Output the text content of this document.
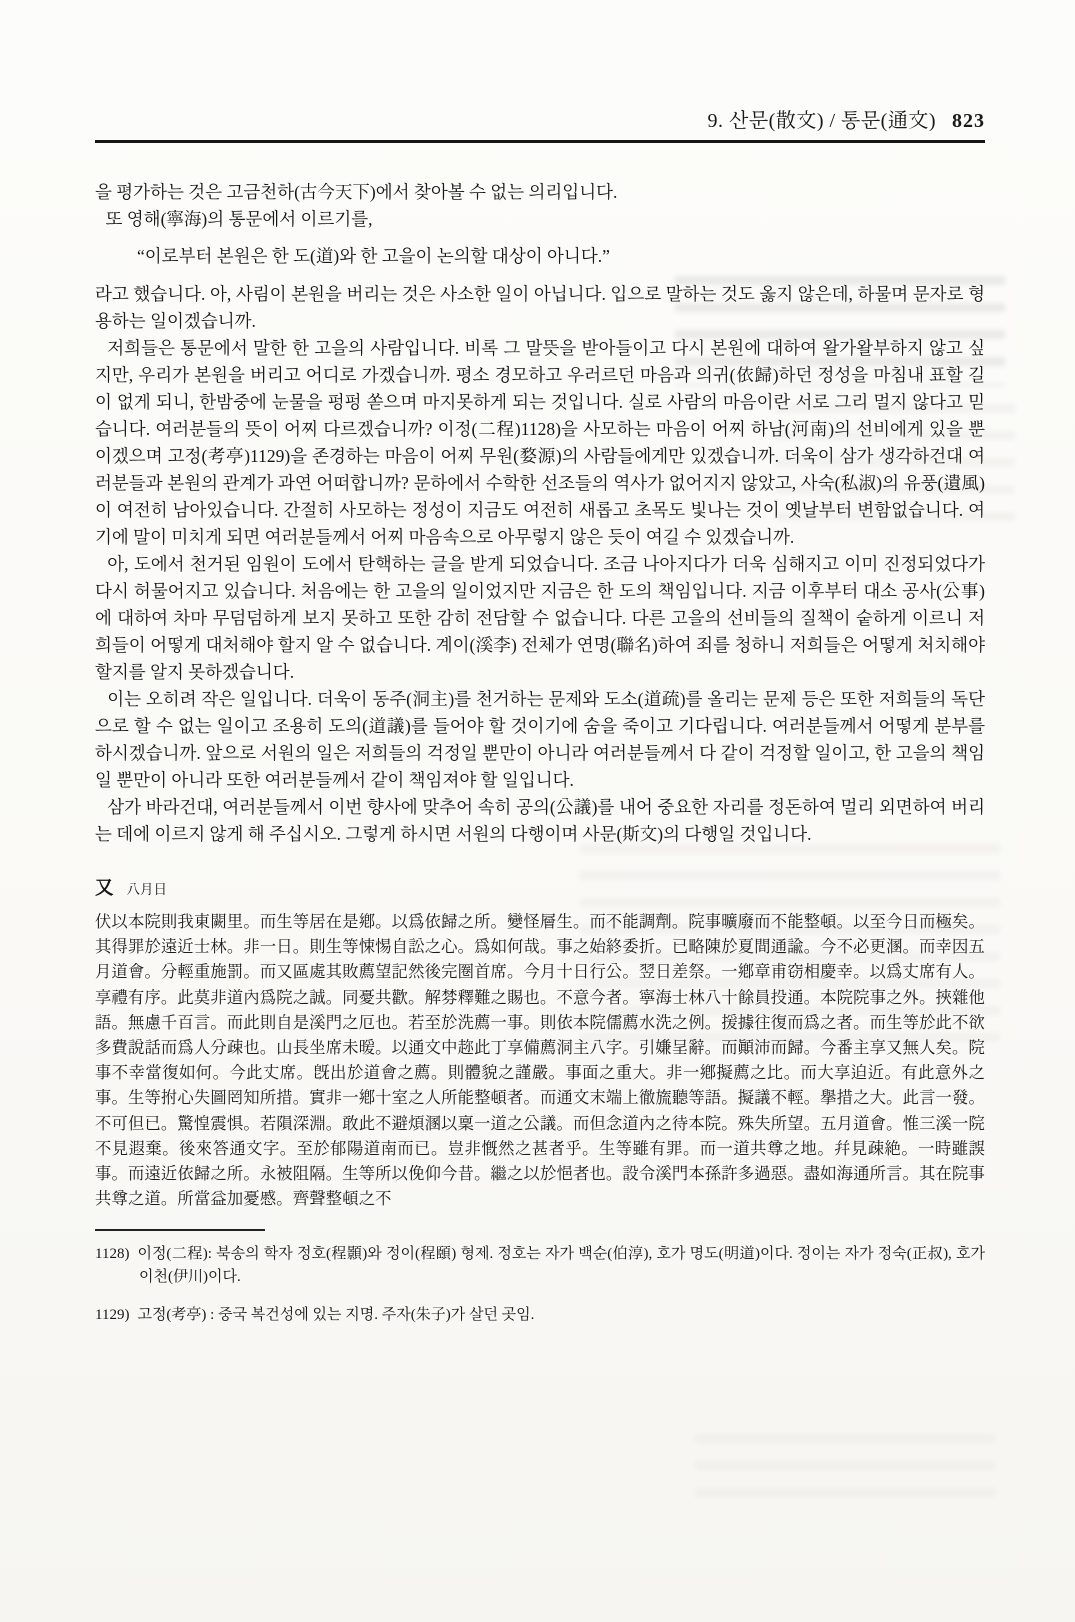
9. 산문(散文) / 통문(通文) 823
을 평가하는 것은 고금천하(古今天下)에서 찾아볼 수 없는 의리입니다.
또 영해(寧海)의 통문에서 이르기를,
“이로부터 본원은 한 도(道)와 한 고을이 논의할 대상이 아니다.”
라고 했습니다. 아, 사림이 본원을 버리는 것은 사소한 일이 아닙니다. 입으로 말하는 것도 옳지 않은데, 하물며 문자로 형용하는 일이겠습니까.
저희들은 통문에서 말한 한 고을의 사람입니다. 비록 그 말뜻을 받아들이고 다시 본원에 대하여 왈가왈부하지 않고 싶지만, 우리가 본원을 버리고 어디로 가겠습니까. 평소 경모하고 우러르던 마음과 의귀(依歸)하던 정성을 마침내 표할 길이 없게 되니, 한밤중에 눈물을 펑펑 쏟으며 마지못하게 되는 것입니다. 실로 사람의 마음이란 서로 그리 멀지 않다고 믿습니다. 여러분들의 뜻이 어찌 다르겠습니까? 이정(二程)1128)을 사모하는 마음이 어찌 하남(河南)의 선비에게 있을 뿐이겠으며 고정(考亭)1129)을 존경하는 마음이 어찌 무원(婺源)의 사람들에게만 있겠습니까. 더욱이 삼가 생각하건대 여러분들과 본원의 관계가 과연 어떠합니까? 문하에서 수학한 선조들의 역사가 없어지지 않았고, 사숙(私淑)의 유풍(遺風)이 여전히 남아있습니다. 간절히 사모하는 정성이 지금도 여전히 새롭고 초목도 빛나는 것이 옛날부터 변함없습니다. 여기에 말이 미치게 되면 여러분들께서 어찌 마음속으로 아무렇지 않은 듯이 여길 수 있겠습니까.
아, 도에서 천거된 임원이 도에서 탄핵하는 글을 받게 되었습니다. 조금 나아지다가 더욱 심해지고 이미 진정되었다가 다시 허물어지고 있습니다. 처음에는 한 고을의 일이었지만 지금은 한 도의 책임입니다. 지금 이후부터 대소 공사(公事)에 대하여 차마 무덤덤하게 보지 못하고 또한 감히 전담할 수 없습니다. 다른 고을의 선비들의 질책이 숱하게 이르니 저희들이 어떻게 대처해야 할지 알 수 없습니다. 계이(溪李) 전체가 연명(聯名)하여 죄를 청하니 저희들은 어떻게 처치해야 할지를 알지 못하겠습니다.
이는 오히려 작은 일입니다. 더욱이 동주(洞主)를 천거하는 문제와 도소(道疏)를 올리는 문제 등은 또한 저희들의 독단으로 할 수 없는 일이고 조용히 도의(道議)를 들어야 할 것이기에 숨을 죽이고 기다립니다. 여러분들께서 어떻게 분부를 하시겠습니까. 앞으로 서원의 일은 저희들의 걱정일 뿐만이 아니라 여러분들께서 다 같이 걱정할 일이고, 한 고을의 책임일 뿐만이 아니라 또한 여러분들께서 같이 책임져야 할 일입니다.
삼가 바라건대, 여러분들께서 이번 향사에 맞추어 속히 공의(公議)를 내어 중요한 자리를 정돈하여 멀리 외면하여 버리는 데에 이르지 않게 해 주십시오. 그렇게 하시면 서원의 다행이며 사문(斯文)의 다행일 것입니다.
又 八月日
伏以本院則我東闕里。而生等居在是鄕。以爲依歸之所。變怪層生。而不能調劑。院事曠廢而不能整頓。以至今日而極矣。其得罪於遠近士林。非一日。則生等悚惕自訟之心。爲如何哉。事之始終委折。已略陳於夏間通諭。今不必更溷。而幸因五月道會。分輕重施罰。而又區處其敗薦望記然後完圈首席。今月十日行公。翌日差祭。一鄕章甫窃相慶幸。以爲丈席有人。享禮有序。此莫非道內爲院之誠。同憂共歡。解棼釋難之賜也。不意今者。寧海士林八十餘員投通。本院院事之外。挾雜他語。無慮千百言。而此則自是溪門之厄也。若至於洗薦一事。則依本院儒薦水洗之例。援據往復而爲之者。而生等於此不欲多費說話而爲人分疎也。山長坐席未暖。以通文中趂此丁享備薦洞主八字。引嫌呈辭。而顚沛而歸。今番主享又無人矣。院事不幸當復如何。今此丈席。旣出於道會之薦。則體貌之謹嚴。事面之重大。非一鄕擬薦之比。而大享迫近。有此意外之事。生等拊心失圖罔知所措。實非一鄕十室之人所能整頓者。而通文末端上徹旒聽等語。擬議不輕。擧措之大。此言一發。不可但已。驚惶震惧。若隕深淵。敢此不避煩溷以稟一道之公議。而但念道內之待本院。殊失所望。五月道會。惟三溪一院不見遐棄。後來答通文字。至於郁陽道南而已。豈非慨然之甚者乎。生等雖有罪。而一道共尊之地。幷見疎絶。一時雖誤事。而遠近依歸之所。永被阻隔。生等所以俛仰今昔。繼之以於悒者也。設令溪門本孫許多過惡。盡如海通所言。其在院事共尊之道。所當益加憂慼。齊聲整頓之不
1128) 이정(二程): 북송의 학자 정호(程顥)와 정이(程頤) 형제. 정호는 자가 백순(伯淳), 호가 명도(明道)이다. 정이는 자가 정숙(正叔), 호가 이천(伊川)이다.
1129) 고정(考亭) : 중국 복건성에 있는 지명. 주자(朱子)가 살던 곳임.
